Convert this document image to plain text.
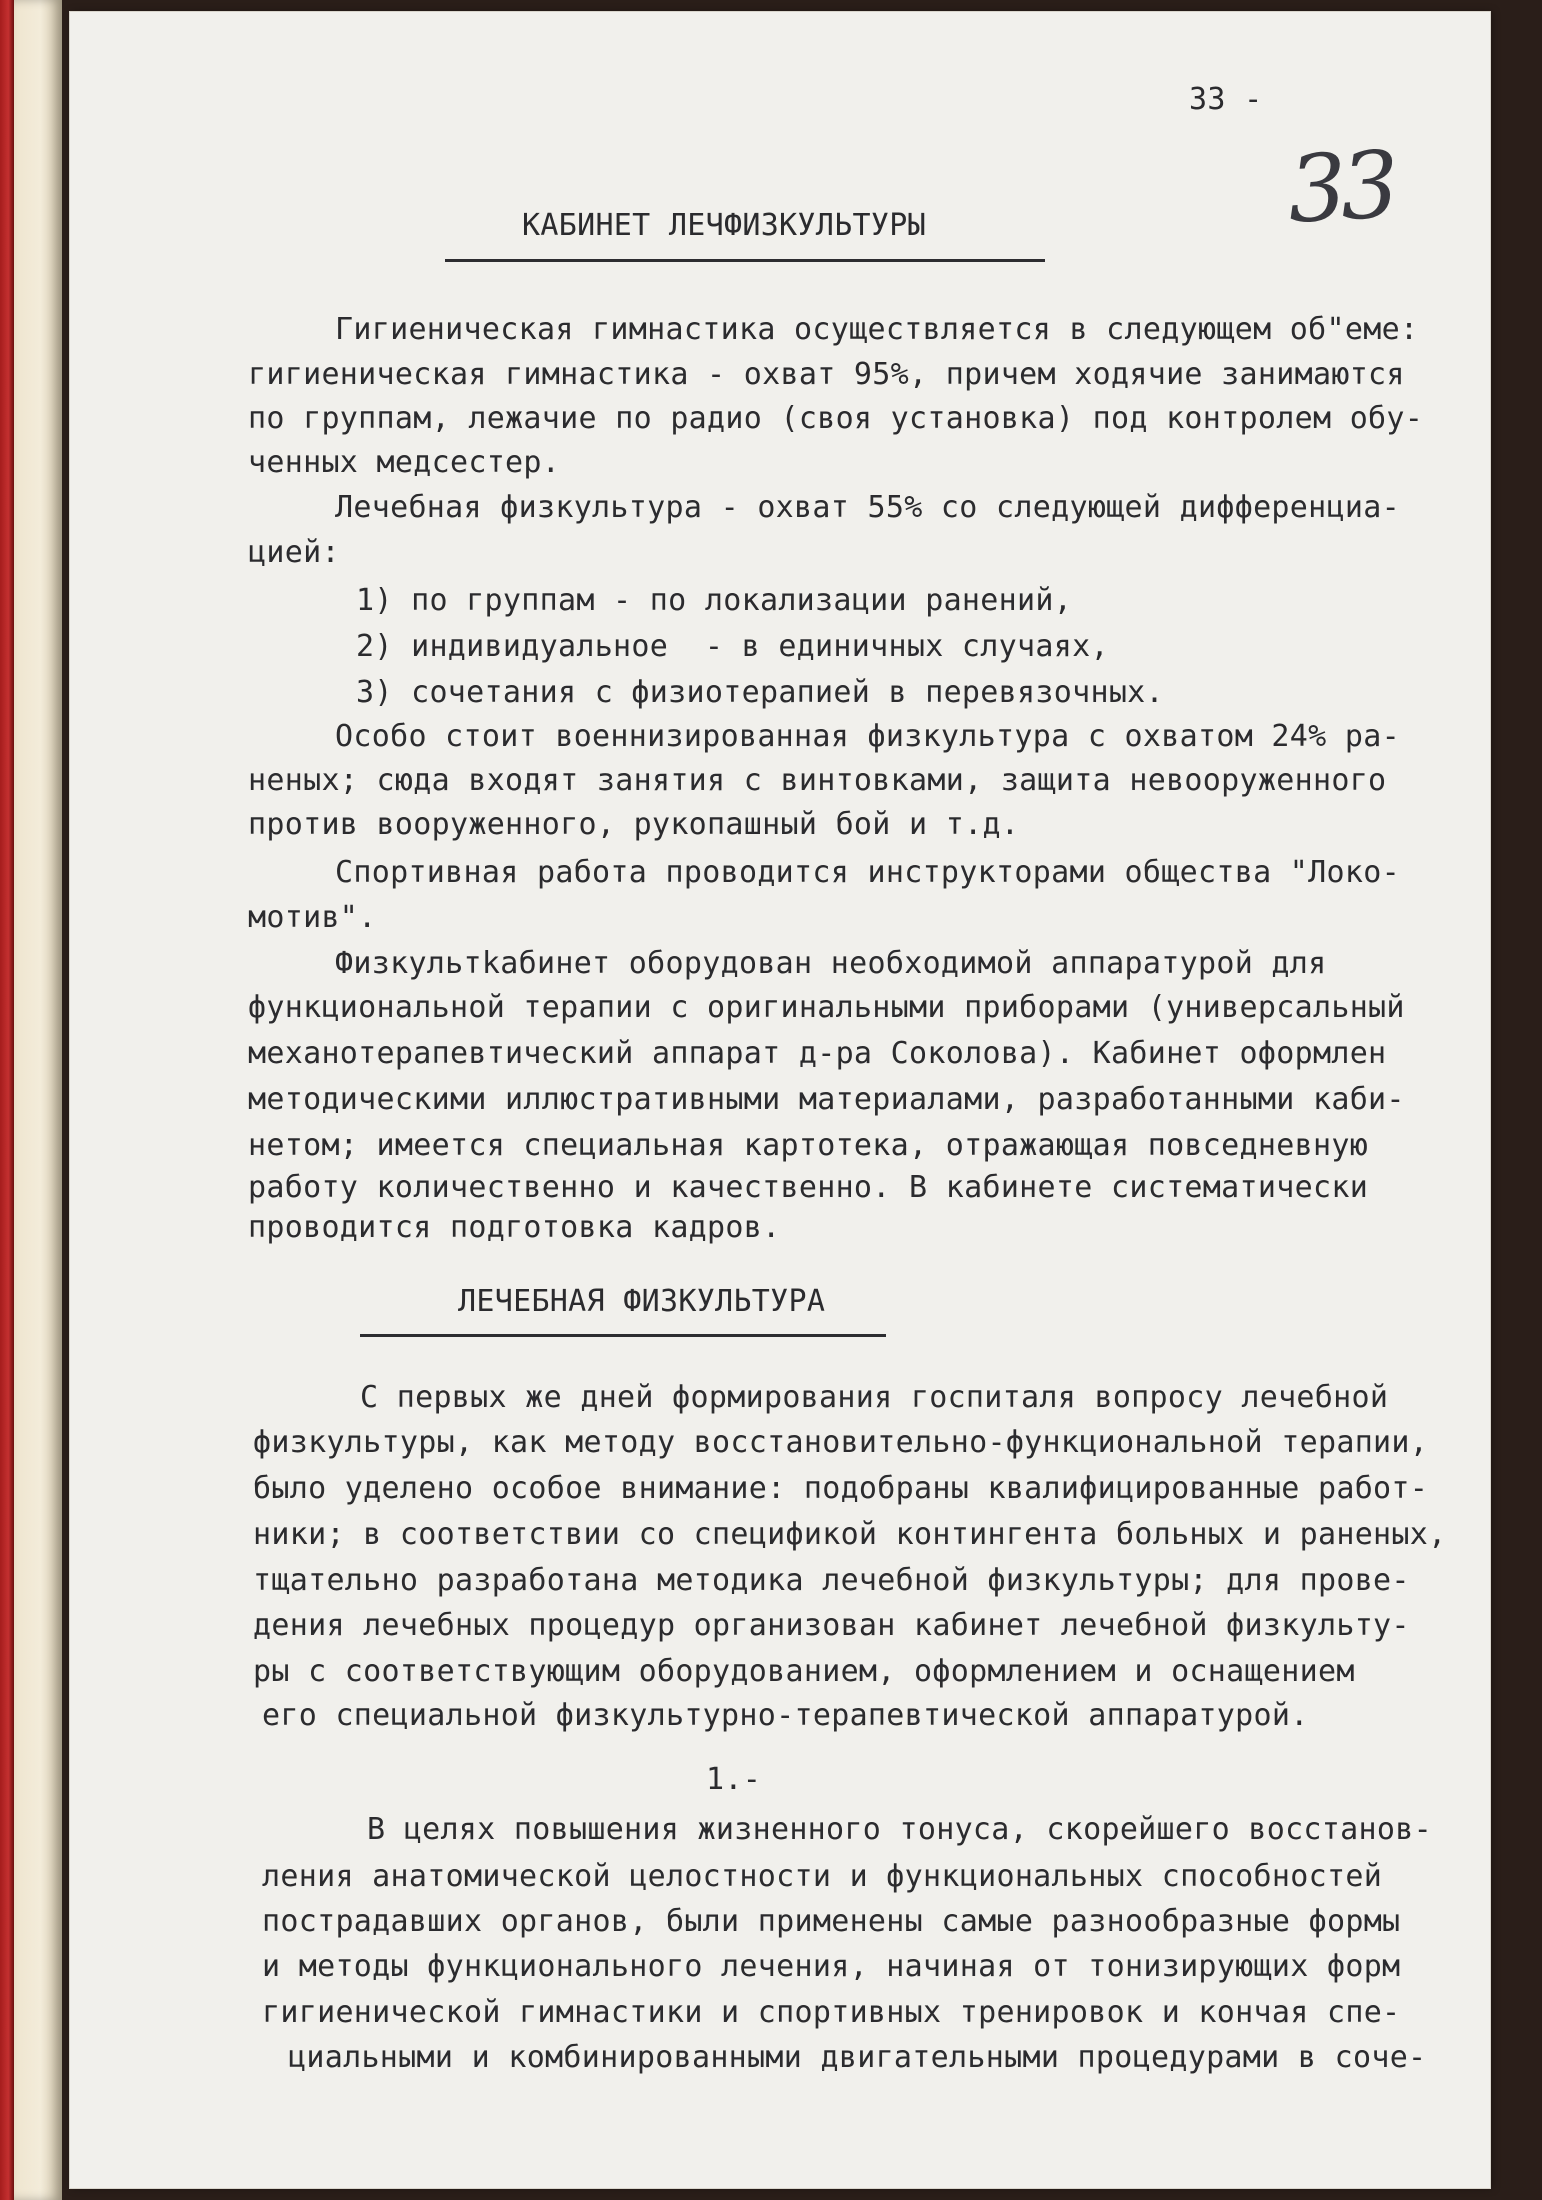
33 -
33
КАБИНЕТ ЛЕЧФИЗКУЛЬТУРЫ
Гигиеническая гимнастика осуществляется в следующем об"еме:
гигиеническая гимнастика - охват 95%, причем ходячие занимаются
по группам, лежачие по радио (своя установка) под контролем обу-
ченных медсестер.
Лечебная физкультура - охват 55% со следующей дифференциа-
цией:
1) по группам - по локализации ранений,
2) индивидуальное  - в единичных случаях,
3) сочетания с физиотерапией в перевязочных.
Особо стоит военнизированная физкультура с охватом 24% ра-
неных; сюда входят занятия с винтовками, защита невооруженного
против вооруженного, рукопашный бой и т.д.
Спортивная работа проводится инструкторами общества "Локо-
мотив".
Физкультkабинет оборудован необходимой аппаратурой для
функциональной терапии с оригинальными приборами (универсальный
механотерапевтический аппарат д-ра Соколова). Кабинет оформлен
методическими иллюстративными материалами, разработанными каби-
нетом; имеется специальная картотека, отражающая повседневную
работу количественно и качественно. В кабинете систематически
проводится подготовка кадров.
ЛЕЧЕБНАЯ ФИЗКУЛЬТУРА
С первых же дней формирования госпиталя вопросу лечебной
физкультуры, как методу восстановительно-функциональной терапии,
было уделено особое внимание: подобраны квалифицированные работ-
ники; в соответствии со спецификой контингента больных и раненых,
тщательно разработана методика лечебной физкультуры; для прове-
дения лечебных процедур организован кабинет лечебной физкульту-
ры с соответствующим оборудованием, оформлением и оснащением
его специальной физкультурно-терапевтической аппаратурой.
1.-
В целях повышения жизненного тонуса, скорейшего восстанов-
ления анатомической целостности и функциональных способностей
пострадавших органов, были применены самые разнообразные формы
и методы функционального лечения, начиная от тонизирующих форм
гигиенической гимнастики и спортивных тренировок и кончая спе-
циальными и комбинированными двигательными процедурами в соче-
